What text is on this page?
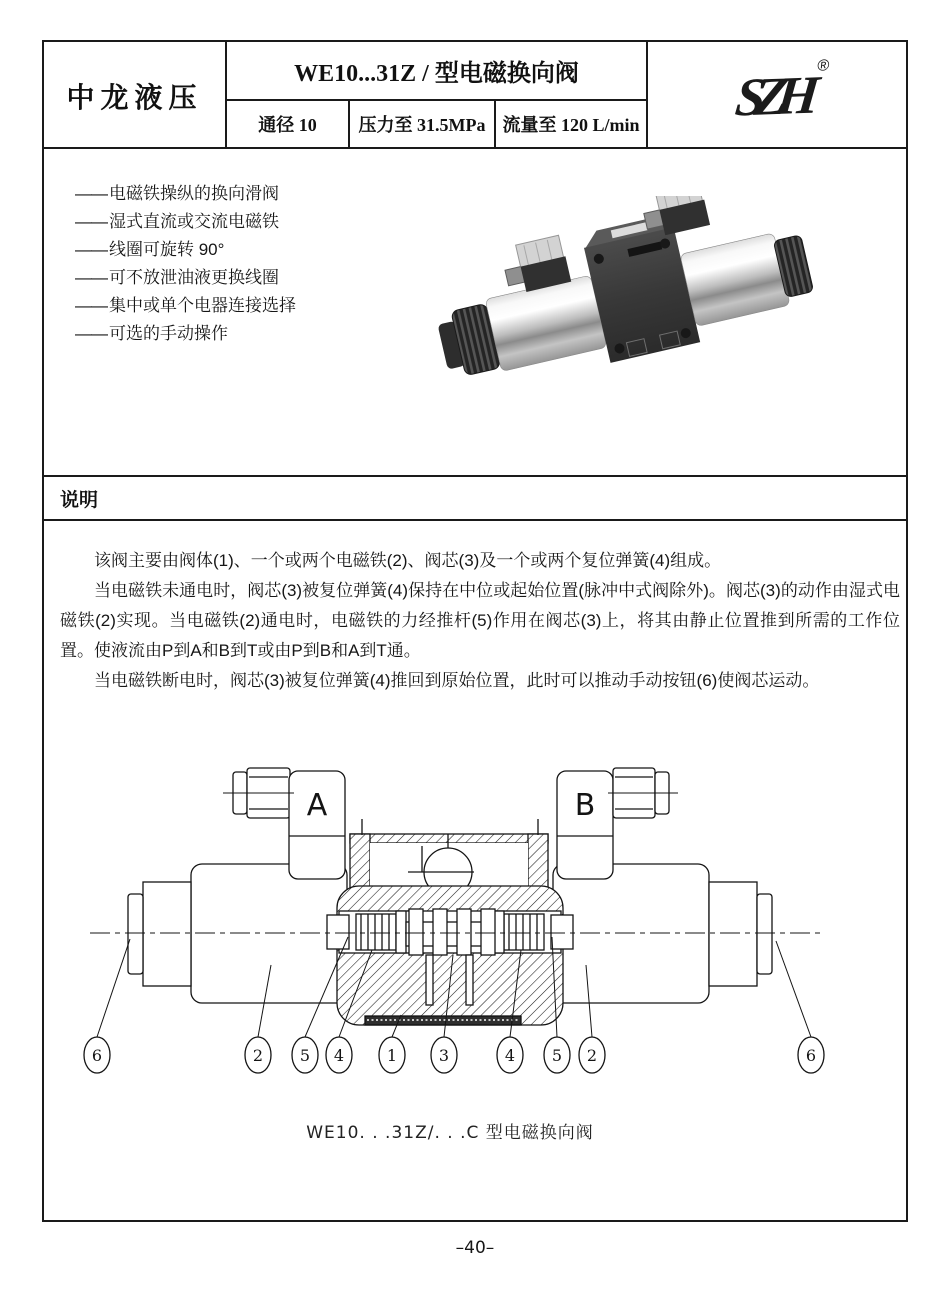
中龙液压
WE10...31Z / 型电磁换向阀
通径 10	压力至 31.5MPa 流量至 120 L/min SZH ®
说明
—— 电磁铁操纵的换向滑阀
—— 湿式直流或交流电磁铁
—— 线圈可旋转 90°
—— 可不放泄油液更换线圈
—— 集中或单个电器连接选择
—— 可选的手动操作

该阀主要由阀体(1)、一个或两个电磁铁(2)、阀芯(3)及一个或两个复位弹簧(4)组成。

当电磁铁未通电时，阀芯(3)被复位弹簧(4)保持在中位或起始位置(脉冲中式阀除外)。阀芯(3)的动作由湿式电磁铁(2)实现。当电磁铁(2)通电时，电磁铁的力经推杆(5)作用在阀芯(3)上，将其由静止位置推到所需的工作位置。使液流由P到A和B到T或由P到B和A到T通。

当电磁铁断电时，阀芯(3)被复位弹簧(4)推回到原始位置，此时可以推动手动按钮(6)使阀芯运动。

A	B
6	2 5 4	1	3	4 5 2	6
WE10. . .31Z/. . .C 型电磁换向阀
–40–
